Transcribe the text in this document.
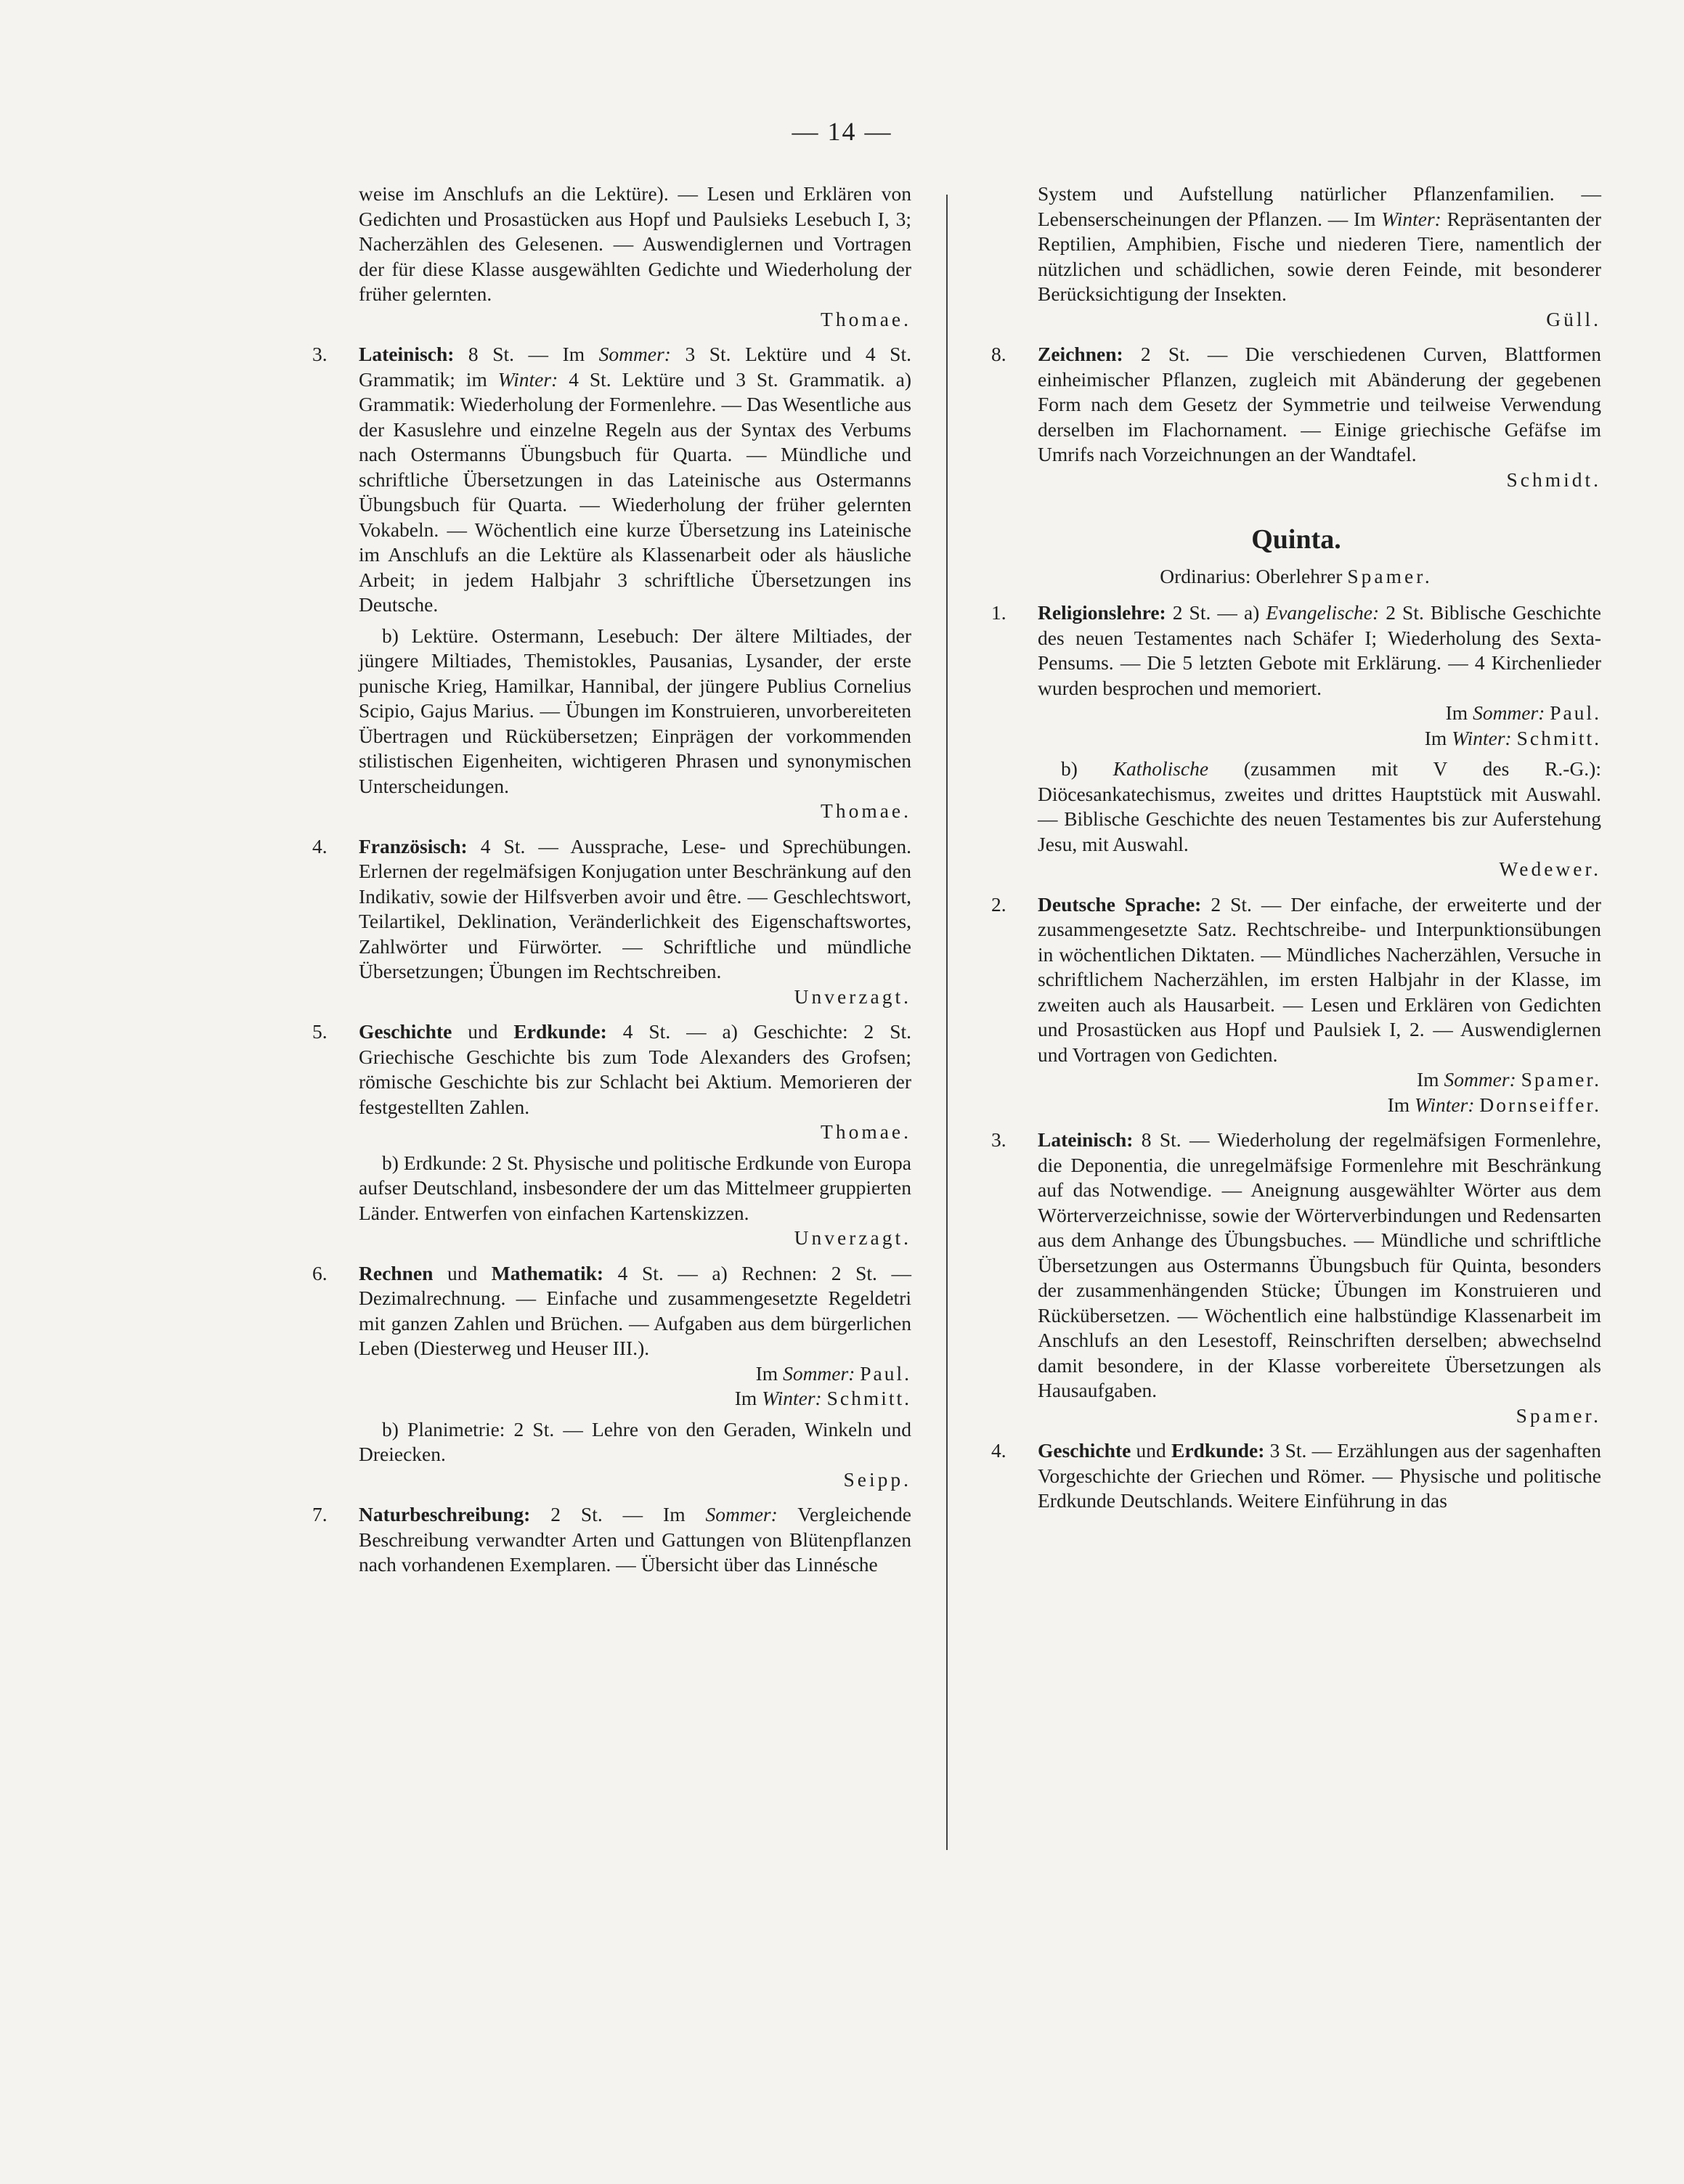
— 14 —

weise im Anschlufs an die Lektüre). — Lesen und Erklären von Gedichten und Prosastücken aus Hopf und Paulsieks Lesebuch I, 3; Nacherzählen des Gelesenen. — Auswendiglernen und Vortragen der für diese Klasse ausgewählten Gedichte und Wiederholung der früher gelernten.
Thomae.

3.	Lateinisch: 8 St. — Im Sommer: 3 St. Lektüre und 4 St. Grammatik; im Winter: 4 St. Lektüre und 3 St. Grammatik. a) Grammatik: Wiederholung der Formenlehre. — Das Wesentliche aus der Kasuslehre und einzelne Regeln aus der Syntax des Verbums nach Ostermanns Übungsbuch für Quarta. — Mündliche und schriftliche Übersetzungen in das Lateinische aus Ostermanns Übungsbuch für Quarta. — Wiederholung der früher gelernten Vokabeln. — Wöchentlich eine kurze Übersetzung ins Lateinische im Anschlufs an die Lektüre als Klassenarbeit oder als häusliche Arbeit; in jedem Halbjahr 3 schriftliche Übersetzungen ins Deutsche.

b) Lektüre. Ostermann, Lesebuch: Der ältere Miltiades, der jüngere Miltiades, Themistokles, Pausanias, Lysander, der erste punische Krieg, Hamilkar, Hannibal, der jüngere Publius Cornelius Scipio, Gajus Marius. — Übungen im Konstruieren, unvorbereiteten Übertragen und Rückübersetzen; Einprägen der vorkommenden stilistischen Eigenheiten, wichtigeren Phrasen und synonymischen Unterscheidungen.
Thomae.

4.	Französisch: 4 St. — Aussprache, Lese- und Sprechübungen. Erlernen der regelmäfsigen Konjugation unter Beschränkung auf den Indikativ, sowie der Hilfsverben avoir und être. — Geschlechtswort, Teilartikel, Deklination, Veränderlichkeit des Eigenschaftswortes, Zahlwörter und Fürwörter. — Schriftliche und mündliche Übersetzungen; Übungen im Rechtschreiben.
Unverzagt.

5.	Geschichte und Erdkunde: 4 St. — a) Geschichte: 2 St. Griechische Geschichte bis zum Tode Alexanders des Grofsen; römische Geschichte bis zur Schlacht bei Aktium. Memorieren der festgestellten Zahlen.
Thomae.

b) Erdkunde: 2 St. Physische und politische Erdkunde von Europa aufser Deutschland, insbesondere der um das Mittelmeer gruppierten Länder. Entwerfen von einfachen Kartenskizzen.
Unverzagt.

6.	Rechnen und Mathematik: 4 St. — a) Rechnen: 2 St. — Dezimalrechnung. — Einfache und zusammengesetzte Regeldetri mit ganzen Zahlen und Brüchen. — Aufgaben aus dem bürgerlichen Leben (Diesterweg und Heuser III.).
Im Sommer: Paul.
Im Winter: Schmitt.

b) Planimetrie: 2 St. — Lehre von den Geraden, Winkeln und Dreiecken.
Seipp.

7.	Naturbeschreibung: 2 St. — Im Sommer: Vergleichende Beschreibung verwandter Arten und Gattungen von Blütenpflanzen nach vorhandenen Exemplaren. — Übersicht über das Linnésche

System und Aufstellung natürlicher Pflanzenfamilien. — Lebenserscheinungen der Pflanzen. — Im Winter: Repräsentanten der Reptilien, Amphibien, Fische und niederen Tiere, namentlich der nützlichen und schädlichen, sowie deren Feinde, mit besonderer Berücksichtigung der Insekten.
Güll.

8.	Zeichnen: 2 St. — Die verschiedenen Curven, Blattformen einheimischer Pflanzen, zugleich mit Abänderung der gegebenen Form nach dem Gesetz der Symmetrie und teilweise Verwendung derselben im Flachornament. — Einige griechische Gefäfse im Umrifs nach Vorzeichnungen an der Wandtafel.
Schmidt.

Quinta.
Ordinarius: Oberlehrer Spamer.
1.	Religionslehre: 2 St. — a) Evangelische: 2 St. Biblische Geschichte des neuen Testamentes nach Schäfer I; Wiederholung des Sexta-Pensums. — Die 5 letzten Gebote mit Erklärung. — 4 Kirchenlieder wurden besprochen und memoriert.
Im Sommer: Paul.
Im Winter: Schmitt.

b) Katholische (zusammen mit V des R.-G.): Diöcesankatechismus, zweites und drittes Hauptstück mit Auswahl. — Biblische Geschichte des neuen Testamentes bis zur Auferstehung Jesu, mit Auswahl.
Wedewer.

2.	Deutsche Sprache: 2 St. — Der einfache, der erweiterte und der zusammengesetzte Satz. Rechtschreibe- und Interpunktionsübungen in wöchentlichen Diktaten. — Mündliches Nacherzählen, Versuche in schriftlichem Nacherzählen, im ersten Halbjahr in der Klasse, im zweiten auch als Hausarbeit. — Lesen und Erklären von Gedichten und Prosastücken aus Hopf und Paulsiek I, 2. — Auswendiglernen und Vortragen von Gedichten.
Im Sommer: Spamer.
Im Winter: Dornseiffer.

3.	Lateinisch: 8 St. — Wiederholung der regelmäfsigen Formenlehre, die Deponentia, die unregelmäfsige Formenlehre mit Beschränkung auf das Notwendige. — Aneignung ausgewählter Wörter aus dem Wörterverzeichnisse, sowie der Wörterverbindungen und Redensarten aus dem Anhange des Übungsbuches. — Mündliche und schriftliche Übersetzungen aus Ostermanns Übungsbuch für Quinta, besonders der zusammenhängenden Stücke; Übungen im Konstruieren und Rückübersetzen. — Wöchentlich eine halbstündige Klassenarbeit im Anschlufs an den Lesestoff, Reinschriften derselben; abwechselnd damit besondere, in der Klasse vorbereitete Übersetzungen als Hausaufgaben.
Spamer.

4.	Geschichte und Erdkunde: 3 St. — Erzählungen aus der sagenhaften Vorgeschichte der Griechen und Römer. — Physische und politische Erdkunde Deutschlands. Weitere Einführung in das
